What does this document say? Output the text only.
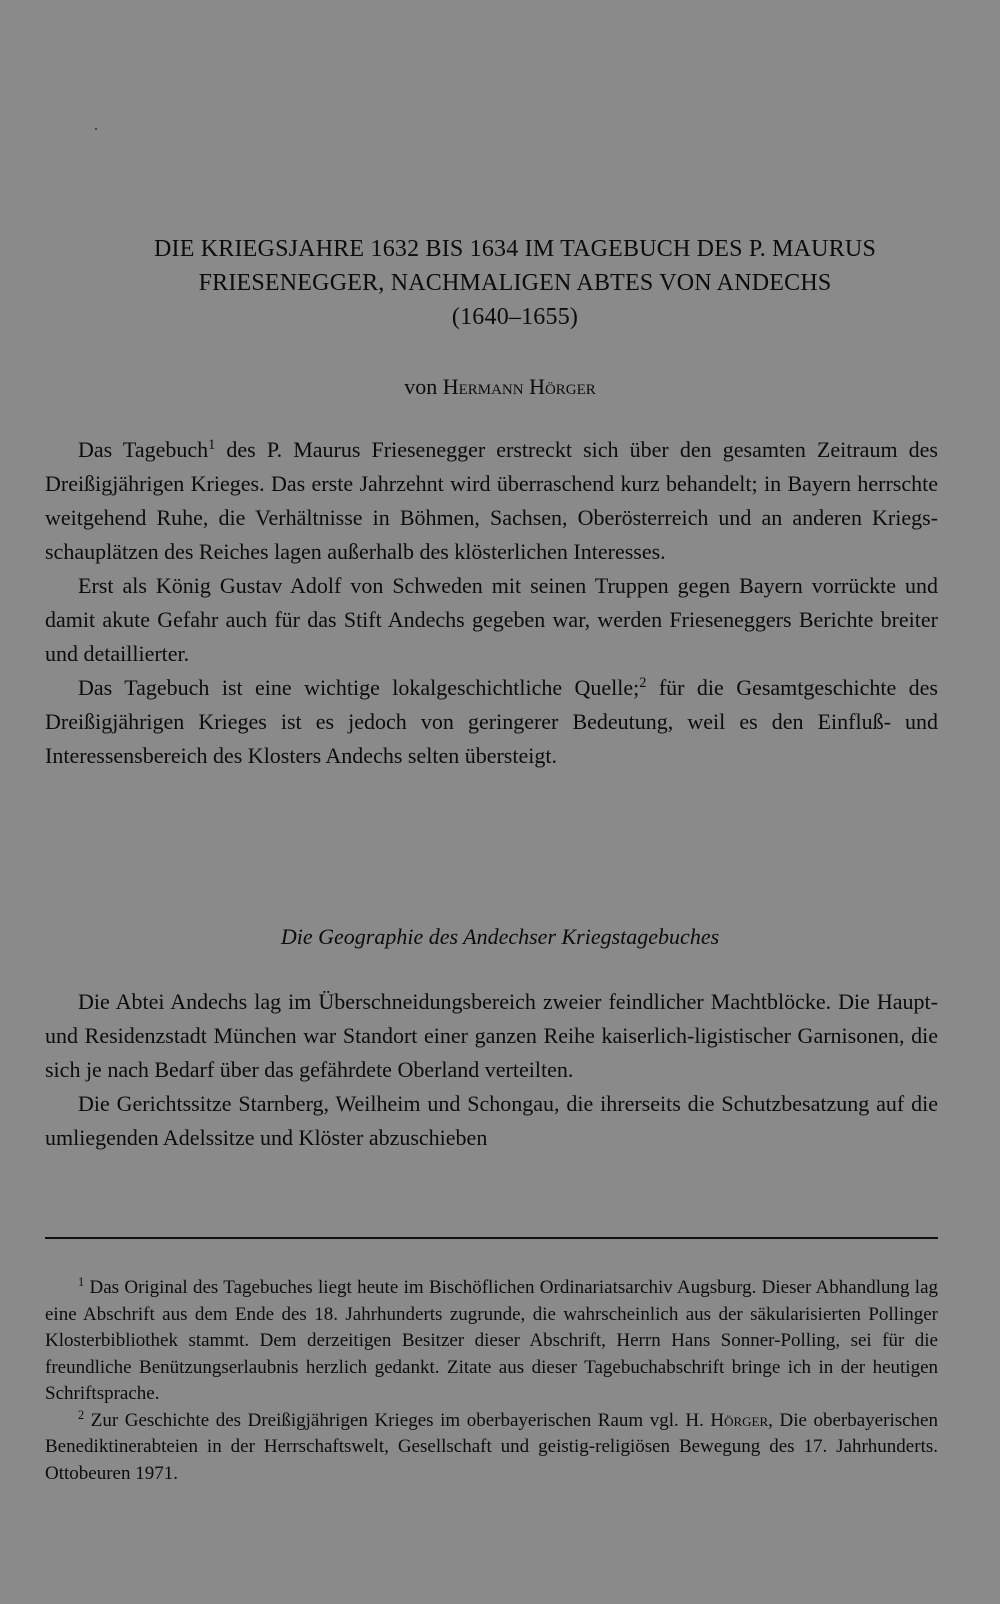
DIE KRIEGSJAHRE 1632 BIS 1634 IM TAGEBUCH DES P. MAURUS
FRIESENEGGER, NACHMALIGEN ABTES VON ANDECHS
(1640–1655)
von Hermann Hörger

Das Tagebuch$^1$ des P. Maurus Friesenegger erstreckt sich über den gesamten Zeitraum des Dreißigjährigen Krieges. Das erste Jahrzehnt wird überraschend kurz behandelt; in Bayern herrschte weitgehend Ruhe, die Verhältnisse in Böhmen, Sachsen, Oberösterreich und an anderen Kriegsschauplätzen des Reiches lagen außerhalb des klösterlichen Interesses.

Erst als König Gustav Adolf von Schweden mit seinen Truppen gegen Bayern vorrückte und damit akute Gefahr auch für das Stift Andechs gegeben war, werden Frieseneggers Berichte breiter und detaillierter.

Das Tagebuch ist eine wichtige lokalgeschichtliche Quelle;$^2$ für die Gesamtgeschichte des Dreißigjährigen Krieges ist es jedoch von geringerer Bedeutung, weil es den Einfluß- und Interessensbereich des Klosters Andechs selten übersteigt.

Die Geographie des Andechser Kriegstagebuches

Die Abtei Andechs lag im Überschneidungsbereich zweier feindlicher Machtblöcke. Die Haupt- und Residenzstadt München war Standort einer ganzen Reihe kaiserlich-ligistischer Garnisonen, die sich je nach Bedarf über das gefährdete Oberland verteilten.

Die Gerichtssitze Starnberg, Weilheim und Schongau, die ihrerseits die Schutzbesatzung auf die umliegenden Adelssitze und Klöster abzuschieben

$^1$ Das Original des Tagebuches liegt heute im Bischöflichen Ordinariatsarchiv Augsburg. Dieser Abhandlung lag eine Abschrift aus dem Ende des 18. Jahrhunderts zugrunde, die wahrscheinlich aus der säkularisierten Pollinger Klosterbibliothek stammt. Dem derzeitigen Besitzer dieser Abschrift, Herrn Hans Sonner-Polling, sei für die freundliche Benützungserlaubnis herzlich gedankt. Zitate aus dieser Tagebuchabschrift bringe ich in der heutigen Schriftsprache.

$^2$ Zur Geschichte des Dreißigjährigen Krieges im oberbayerischen Raum vgl. H. Hörger, Die oberbayerischen Benediktinerabteien in der Herrschaftswelt, Gesellschaft und geistig-religiösen Bewegung des 17. Jahrhunderts. Ottobeuren 1971.
